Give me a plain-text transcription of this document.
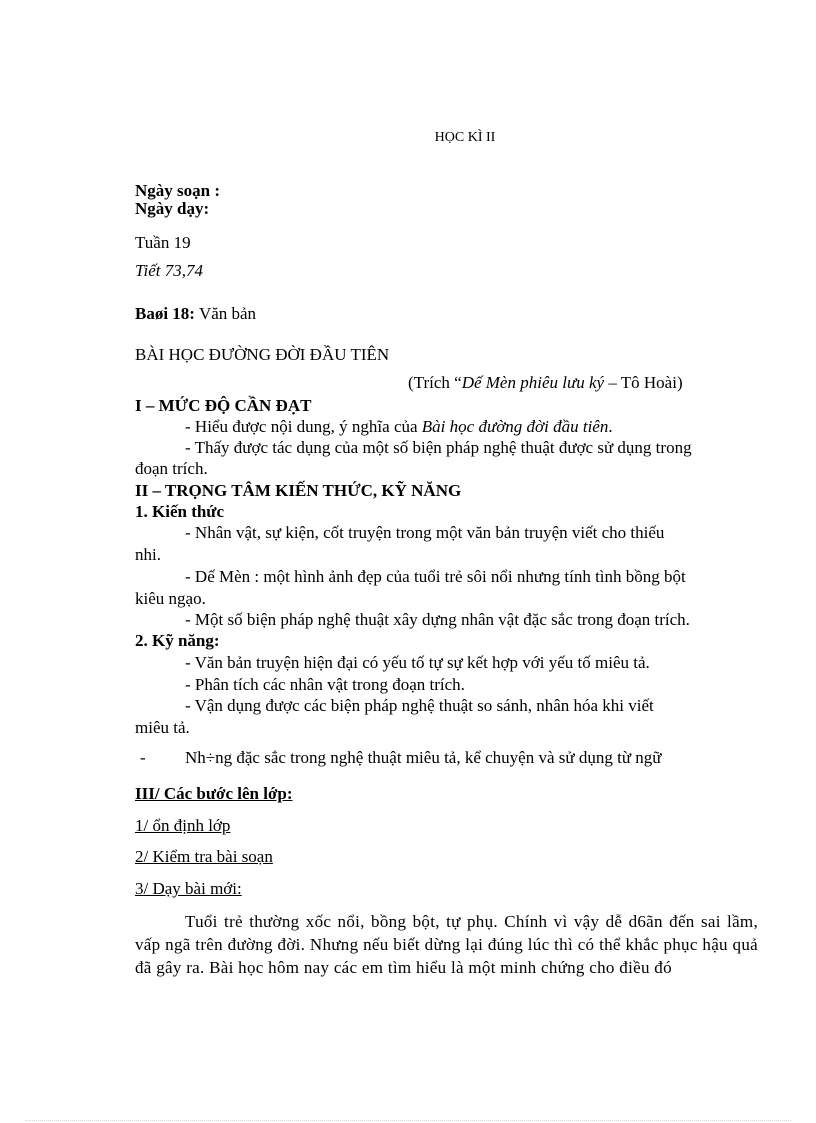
HỌC KÌ II
Ngày soạn :
Ngày dạy:
Tuần 19
Tiết 73,74
Baøi 18: Văn bản
BÀI HỌC ĐƯỜNG ĐỜI ĐẦU TIÊN
(Trích “Dế Mèn phiêu lưu ký – Tô Hoài)
I – MỨC ĐỘ CẦN ĐẠT
- Hiểu được nội dung, ý nghĩa của Bài học đường đời đầu tiên.
- Thấy được tác dụng của một số biện pháp nghệ thuật được sử dụng trong
đoạn trích.
II – TRỌNG TÂM KIẾN THỨC, KỸ NĂNG
1. Kiến thức
- Nhân vật, sự kiện, cốt truyện trong một văn bản truyện viết cho thiếu
nhi.
- Dế Mèn : một hình ảnh đẹp của tuổi trẻ sôi nổi nhưng tính tình bồng bột
kiêu ngạo.
- Một số biện pháp nghệ thuật xây dựng nhân vật đặc sắc trong đoạn trích.
2. Kỹ năng:
- Văn bản truyện hiện đại có yếu tố tự sự kết hợp với yếu tố miêu tả.
- Phân tích các nhân vật trong đoạn trích.
- Vận dụng được các biện pháp nghệ thuật so sánh, nhân hóa khi viết
miêu tả.
- Nh÷ng đặc sắc trong nghệ thuật miêu tả, kể chuyện và sử dụng từ ngữ
III/ Các bước lên lớp:
1/ ổn định lớp
2/ Kiểm tra bài soạn
3/ Dạy bài mới:
Tuổi trẻ thường xốc nổi, bồng bột, tự phụ. Chính vì vậy dễ d6ãn đến sai lầm, vấp ngã trên đường đời. Nhưng nếu biết dừng lại đúng lúc thì có thể khắc phục hậu quả đã gây ra. Bài học hôm nay các em tìm hiểu là một minh chứng cho điều đó
